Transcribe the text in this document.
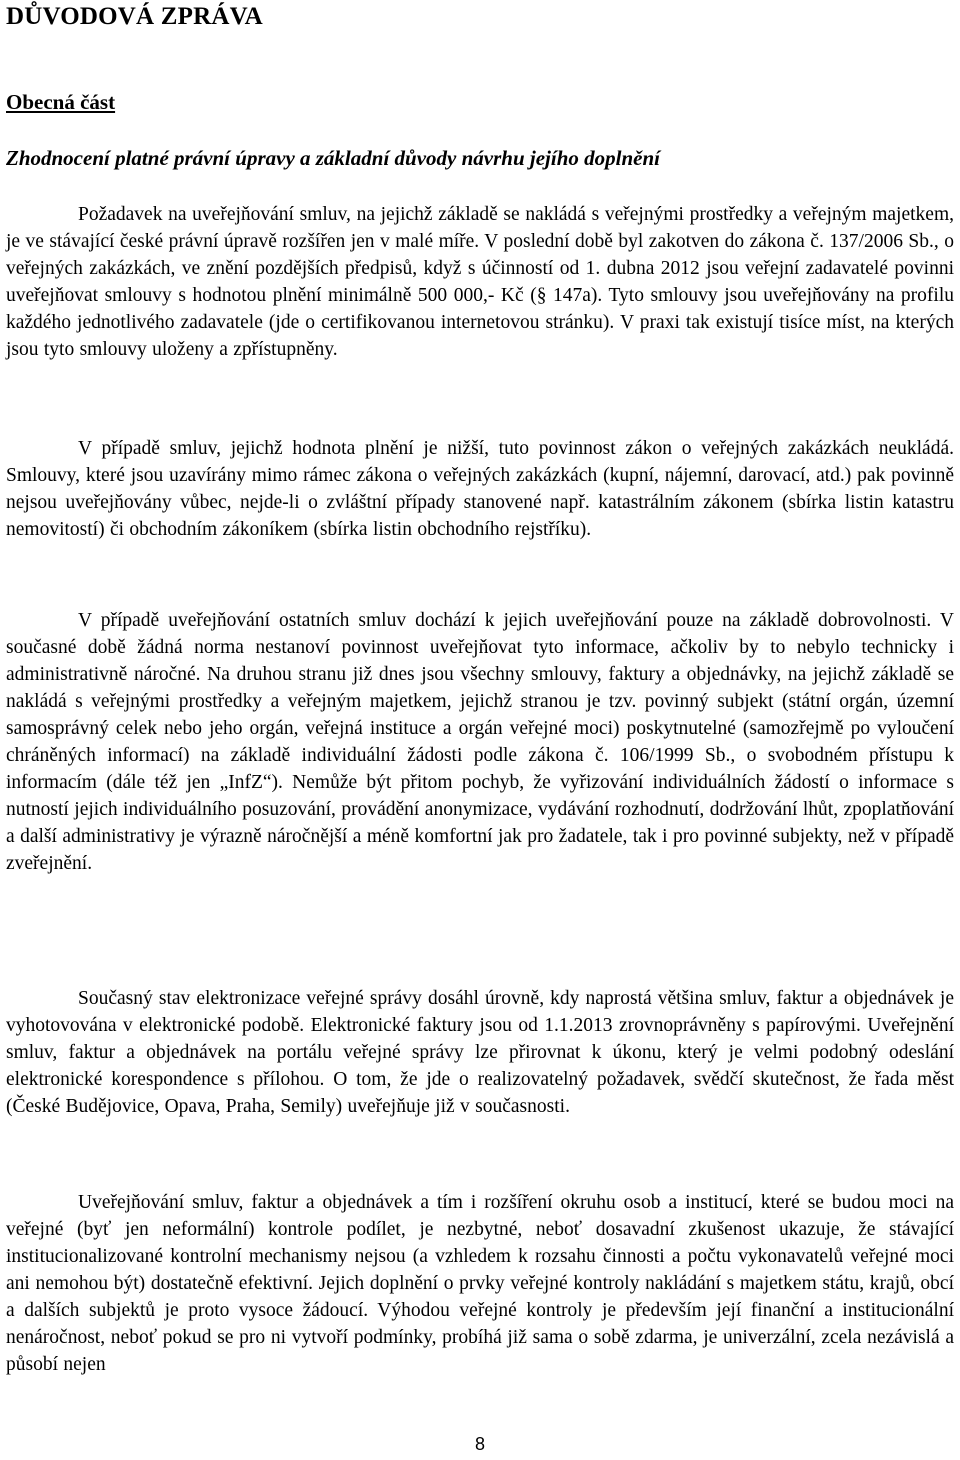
DŮVODOVÁ ZPRÁVA
Obecná část
Zhodnocení platné právní úpravy a základní důvody návrhu jejího doplnění

Požadavek na uveřejňování smluv, na jejichž základě se nakládá s veřejnými prostředky a veřejným majetkem, je ve stávající české právní úpravě rozšířen jen v malé míře. V poslední době byl zakotven do zákona č. 137/2006 Sb., o veřejných zakázkách, ve znění pozdějších předpisů, když s účinností od 1. dubna 2012 jsou veřejní zadavatelé povinni uveřejňovat smlouvy s hodnotou plnění minimálně 500 000,- Kč (§ 147a). Tyto smlouvy jsou uveřejňovány na profilu každého jednotlivého zadavatele (jde o certifikovanou internetovou stránku). V praxi tak existují tisíce míst, na kterých jsou tyto smlouvy uloženy a zpřístupněny.

V případě smluv, jejichž hodnota plnění je nižší, tuto povinnost zákon o veřejných zakázkách neukládá. Smlouvy, které jsou uzavírány mimo rámec zákona o veřejných zakázkách (kupní, nájemní, darovací, atd.) pak povinně nejsou uveřejňovány vůbec, nejde-li o zvláštní případy stanovené např. katastrálním zákonem (sbírka listin katastru nemovitostí) či obchodním zákoníkem (sbírka listin obchodního rejstříku).

V případě uveřejňování ostatních smluv dochází k jejich uveřejňování pouze na základě dobrovolnosti. V současné době žádná norma nestanoví povinnost uveřejňovat tyto informace, ačkoliv by to nebylo technicky i administrativně náročné. Na druhou stranu již dnes jsou všechny smlouvy, faktury a objednávky, na jejichž základě se nakládá s veřejnými prostředky a veřejným majetkem, jejichž stranou je tzv. povinný subjekt (státní orgán, územní samosprávný celek nebo jeho orgán, veřejná instituce a orgán veřejné moci) poskytnutelné (samozřejmě po vyloučení chráněných informací) na základě individuální žádosti podle zákona č. 106/1999 Sb., o svobodném přístupu k informacím (dále též jen „InfZ“). Nemůže být přitom pochyb, že vyřizování individuálních žádostí o informace s nutností jejich individuálního posuzování, provádění anonymizace, vydávání rozhodnutí, dodržování lhůt, zpoplatňování a další administrativy je výrazně náročnější a méně komfortní jak pro žadatele, tak i pro povinné subjekty, než v případě zveřejnění.

Současný stav elektronizace veřejné správy dosáhl úrovně, kdy naprostá většina smluv, faktur a objednávek je vyhotovována v elektronické podobě. Elektronické faktury jsou od 1.1.2013 zrovnoprávněny s papírovými. Uveřejnění smluv, faktur a objednávek na portálu veřejné správy lze přirovnat k úkonu, který je velmi podobný odeslání elektronické korespondence s přílohou. O tom, že jde o realizovatelný požadavek, svědčí skutečnost, že řada měst (České Budějovice, Opava, Praha, Semily) uveřejňuje již v současnosti.

Uveřejňování smluv, faktur a objednávek a tím i rozšíření okruhu osob a institucí, které se budou moci na veřejné (byť jen neformální) kontrole podílet, je nezbytné, neboť dosavadní zkušenost ukazuje, že stávající institucionalizované kontrolní mechanismy nejsou (a vzhledem k rozsahu činnosti a počtu vykonavatelů veřejné moci ani nemohou být) dostatečně efektivní. Jejich doplnění o prvky veřejné kontroly nakládání s majetkem státu, krajů, obcí a dalších subjektů je proto vysoce žádoucí. Výhodou veřejné kontroly je především její finanční a institucionální nenáročnost, neboť pokud se pro ni vytvoří podmínky, probíhá již sama o sobě zdarma, je univerzální, zcela nezávislá a působí nejen

8
